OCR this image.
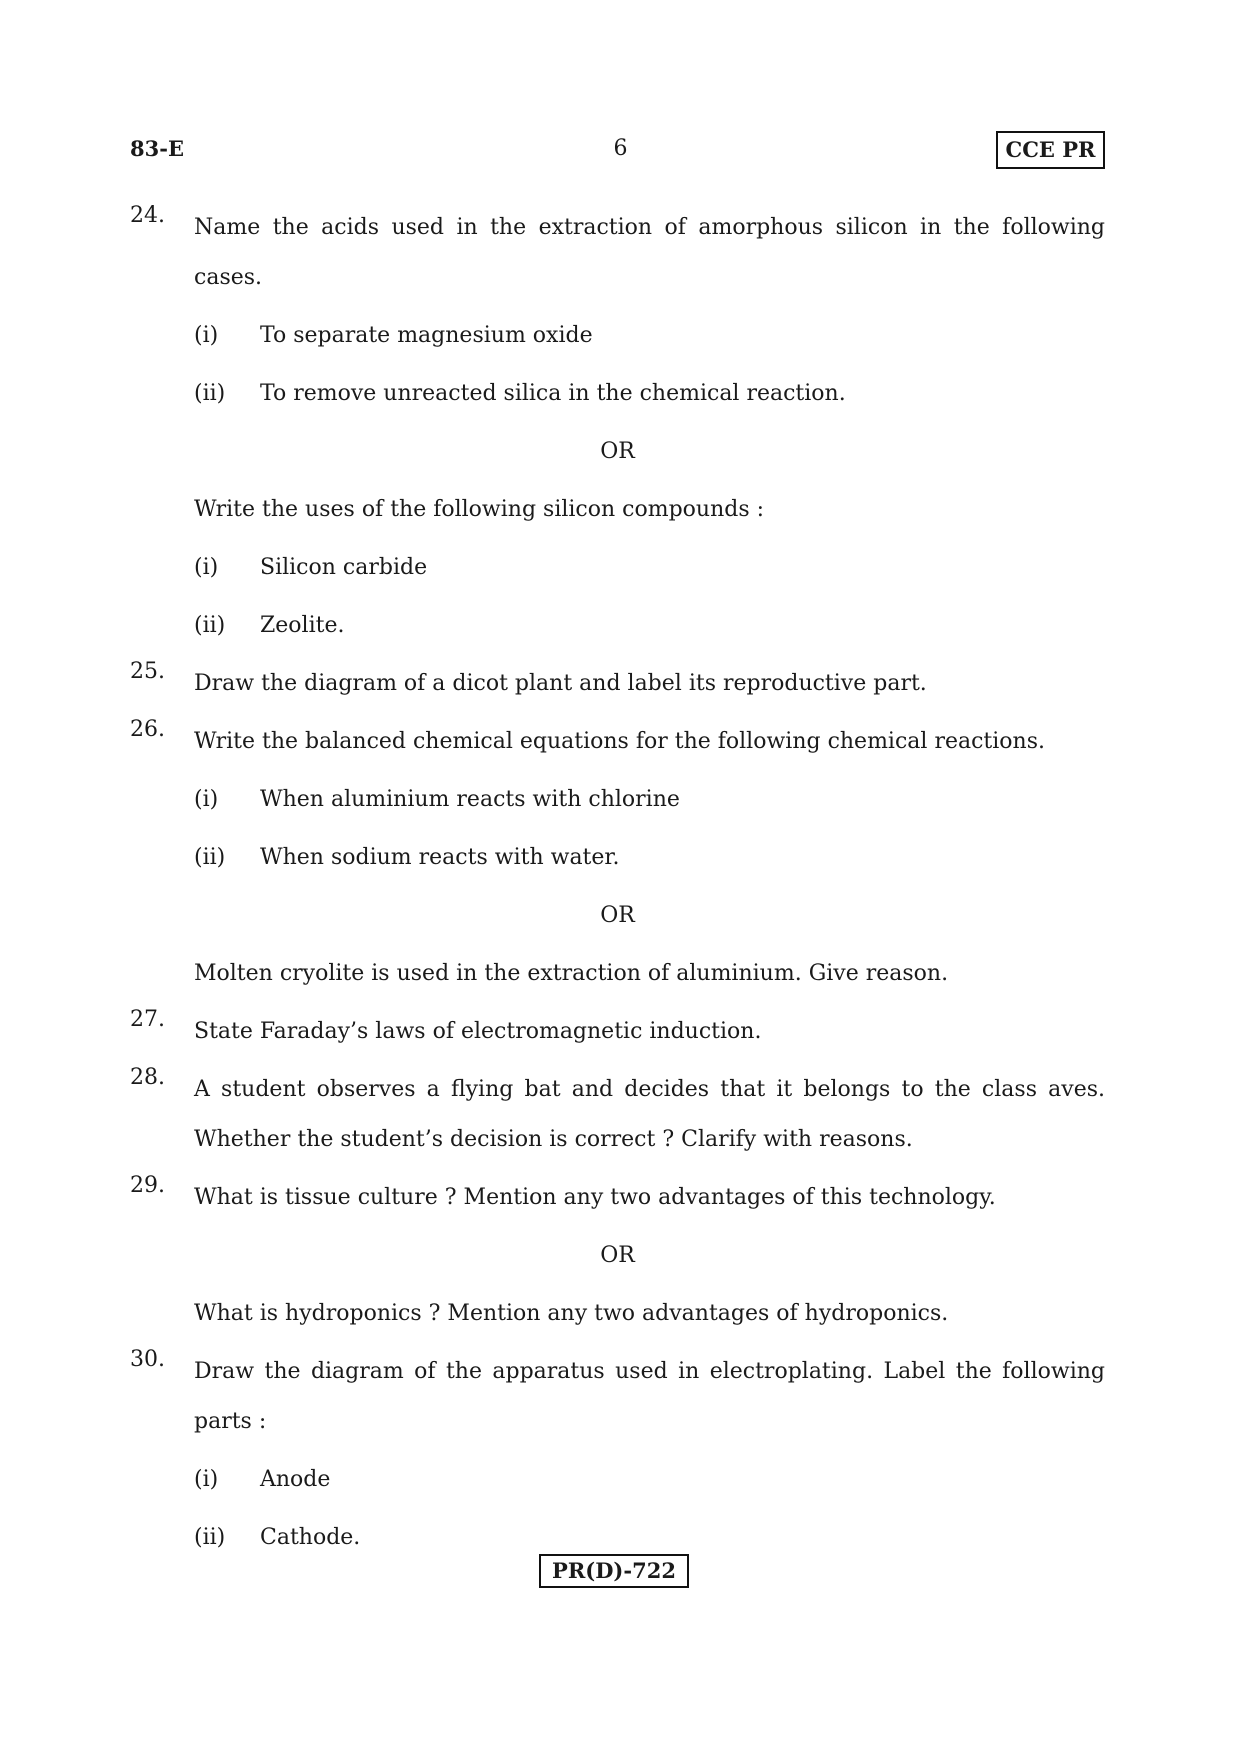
83-E	6	CCE PR
24. Name the acids used in the extraction of amorphous silicon in the following cases.
(i) To separate magnesium oxide
(ii) To remove unreacted silica in the chemical reaction.
OR
Write the uses of the following silicon compounds :
(i) Silicon carbide
(ii) Zeolite.
25. Draw the diagram of a dicot plant and label its reproductive part.
26. Write the balanced chemical equations for the following chemical reactions.
(i) When aluminium reacts with chlorine
(ii) When sodium reacts with water.
OR
Molten cryolite is used in the extraction of aluminium. Give reason.
27. State Faraday’s laws of electromagnetic induction.
28. A student observes a flying bat and decides that it belongs to the class aves. Whether the student’s decision is correct ? Clarify with reasons.
29. What is tissue culture ? Mention any two advantages of this technology.
OR
What is hydroponics ? Mention any two advantages of hydroponics.
30. Draw the diagram of the apparatus used in electroplating. Label the following parts :
(i) Anode
(ii) Cathode.
PR(D)-722
